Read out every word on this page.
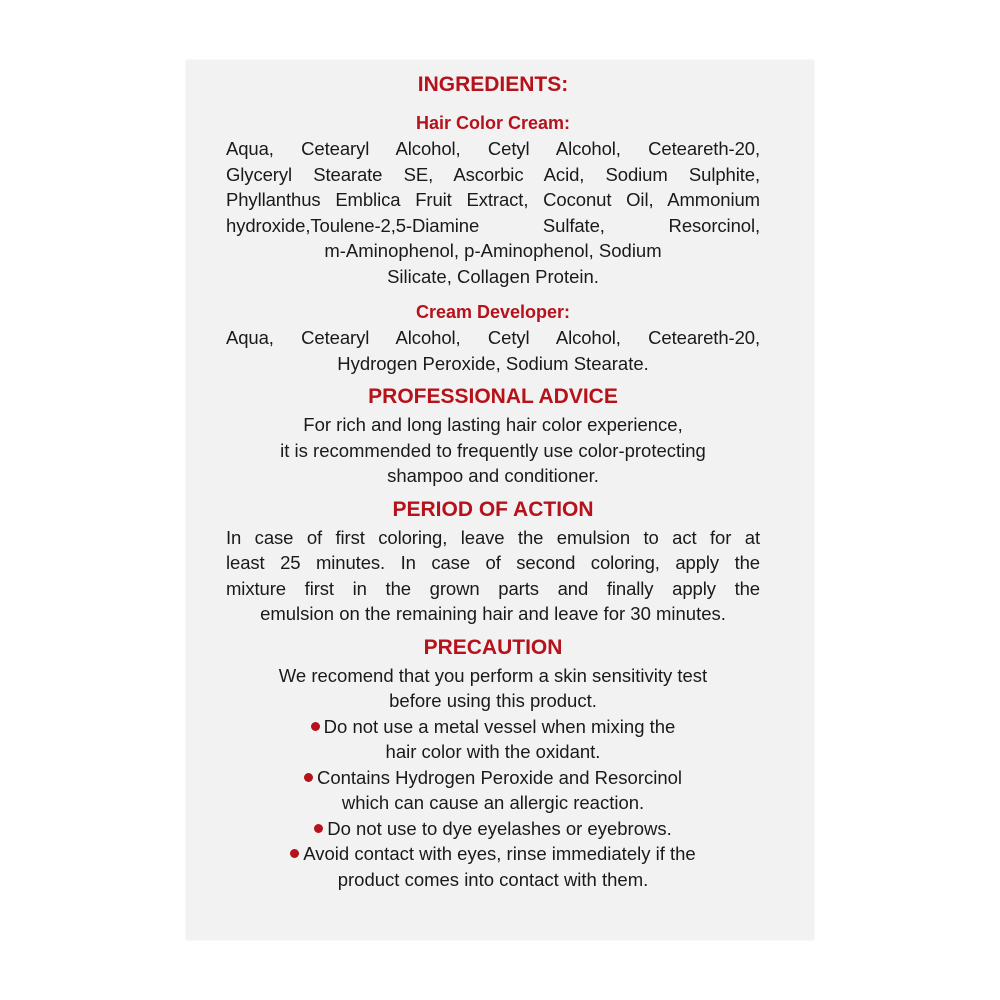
INGREDIENTS:

Hair Color Cream:

Aqua, Cetearyl Alcohol, Cetyl Alcohol, Ceteareth-20,

Glyceryl Stearate SE, Ascorbic Acid, Sodium Sulphite,

Phyllanthus Emblica Fruit Extract, Coconut Oil, Ammonium

hydroxide,Toulene-2,5-Diamine Sulfate, Resorcinol,

m-Aminophenol, p-Aminophenol, Sodium

Silicate, Collagen Protein.

Cream Developer:

Aqua, Cetearyl Alcohol, Cetyl Alcohol, Ceteareth-20,

Hydrogen Peroxide, Sodium Stearate.

PROFESSIONAL ADVICE

For rich and long lasting hair color experience,

it is recommended to frequently use color-protecting

shampoo and conditioner.

PERIOD OF ACTION

In case of first coloring, leave the emulsion to act for at

least 25 minutes. In case of second coloring, apply the

mixture first in the grown parts and finally apply the

emulsion on the remaining hair and leave for 30 minutes.

PRECAUTION

We recomend that you perform a skin sensitivity test

before using this product.

Do not use a metal vessel when mixing the

hair color with the oxidant.

Contains Hydrogen Peroxide and Resorcinol

which can cause an allergic reaction.

Do not use to dye eyelashes or eyebrows.

Avoid contact with eyes, rinse immediately if the

product comes into contact with them.
